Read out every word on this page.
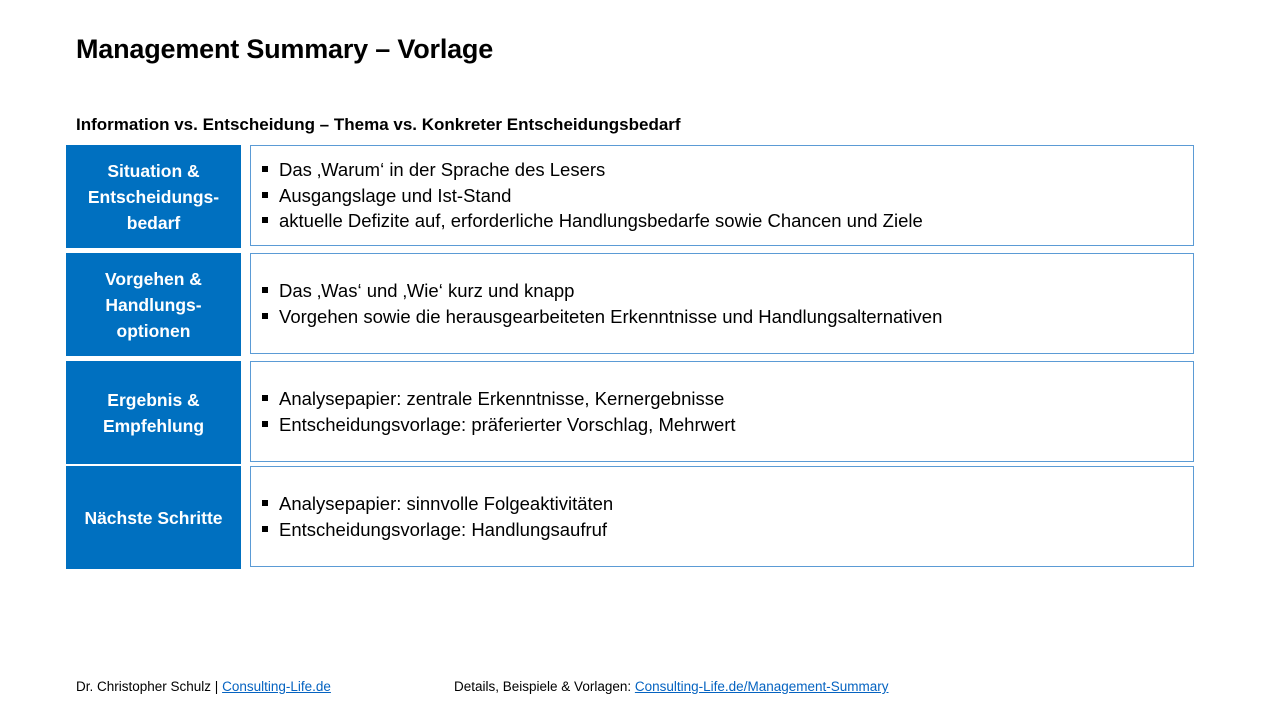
Management Summary – Vorlage
Information vs. Entscheidung – Thema vs. Konkreter Entscheidungsbedarf
Situation &
Entscheidungs-
bedarf
Das ‚Warum‘ in der Sprache des Lesers
Ausgangslage und Ist-Stand
aktuelle Defizite auf, erforderliche Handlungsbedarfe sowie Chancen und Ziele
Vorgehen &
Handlungs-
optionen
Das ‚Was‘ und ‚Wie‘ kurz und knapp
Vorgehen sowie die herausgearbeiteten Erkenntnisse und Handlungsalternativen
Ergebnis &
Empfehlung
Analysepapier: zentrale Erkenntnisse, Kernergebnisse
Entscheidungsvorlage: präferierter Vorschlag, Mehrwert
Nächste Schritte
Analysepapier: sinnvolle Folgeaktivitäten
Entscheidungsvorlage: Handlungsaufruf
Dr. Christopher Schulz | Consulting-Life.de	Details, Beispiele & Vorlagen: Consulting-Life.de/Management-Summary
